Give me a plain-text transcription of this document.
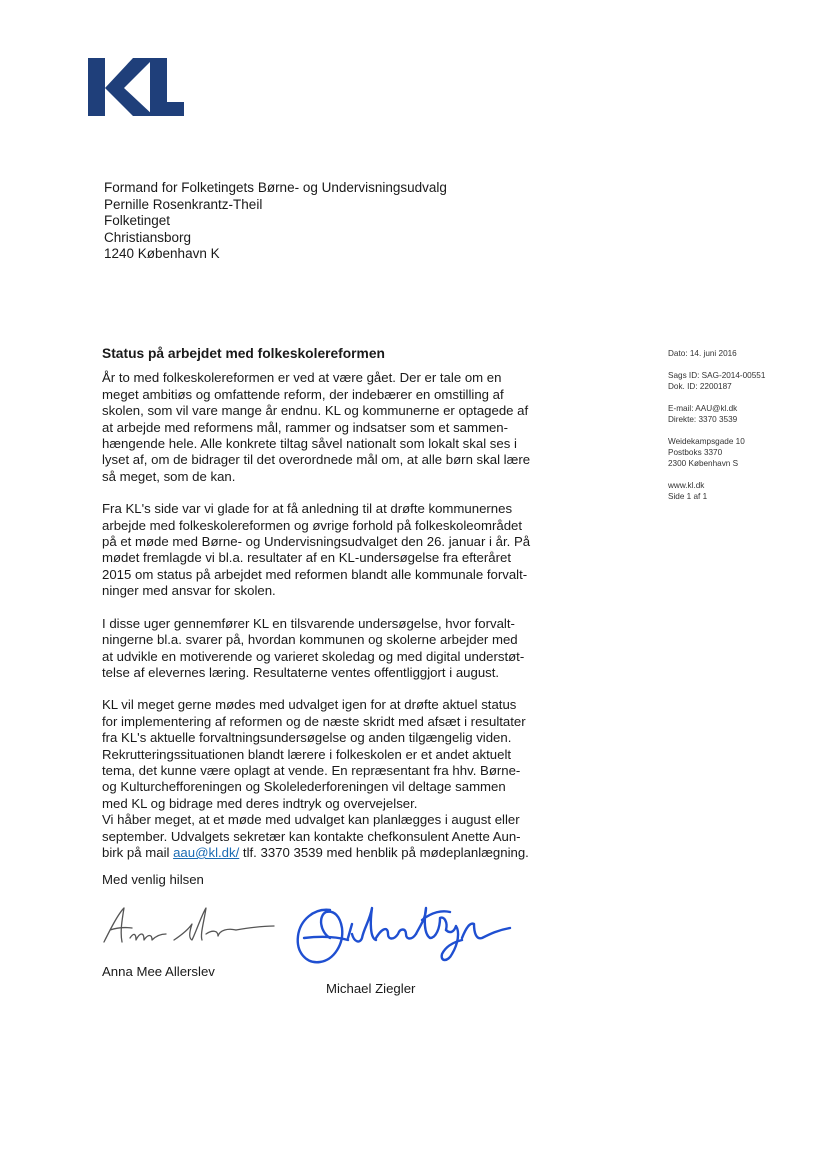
Formand for Folketingets Børne- og Undervisningsudvalg
Pernille Rosenkrantz-Theil
Folketinget
Christiansborg
1240 København K
Dato: 14. juni 2016
Sags ID: SAG-2014-00551
Dok. ID: 2200187
E-mail: AAU@kl.dk
Direkte: 3370 3539
Weidekampsgade 10
Postboks 3370
2300 København S
www.kl.dk
Side 1 af 1
Status på arbejdet med folkeskolereformen
År to med folkeskolereformen er ved at være gået. Der er tale om en
meget ambitiøs og omfattende reform, der indebærer en omstilling af
skolen, som vil vare mange år endnu. KL og kommunerne er optagede af
at arbejde med reformens mål, rammer og indsatser som et sammen-
hængende hele. Alle konkrete tiltag såvel nationalt som lokalt skal ses i
lyset af, om de bidrager til det overordnede mål om, at alle børn skal lære
så meget, som de kan.
Fra KL's side var vi glade for at få anledning til at drøfte kommunernes
arbejde med folkeskolereformen og øvrige forhold på folkeskoleområdet
på et møde med Børne- og Undervisningsudvalget den 26. januar i år. På
mødet fremlagde vi bl.a. resultater af en KL-undersøgelse fra efteråret
2015 om status på arbejdet med reformen blandt alle kommunale forvalt-
ninger med ansvar for skolen.
I disse uger gennemfører KL en tilsvarende undersøgelse, hvor forvalt-
ningerne bl.a. svarer på, hvordan kommunen og skolerne arbejder med
at udvikle en motiverende og varieret skoledag og med digital understøt-
telse af elevernes læring. Resultaterne ventes offentliggjort i august.
KL vil meget gerne mødes med udvalget igen for at drøfte aktuel status
for implementering af reformen og de næste skridt med afsæt i resultater
fra KL's aktuelle forvaltningsundersøgelse og anden tilgængelig viden.
Rekrutteringssituationen blandt lærere i folkeskolen er et andet aktuelt
tema, det kunne være oplagt at vende. En repræsentant fra hhv. Børne-
og Kulturchefforeningen og Skolelederforeningen vil deltage sammen
med KL og bidrage med deres indtryk og overvejelser.
Vi håber meget, at et møde med udvalget kan planlægges i august eller
september. Udvalgets sekretær kan kontakte chefkonsulent Anette Aun-
birk på mail aau@kl.dk/ tlf. 3370 3539 med henblik på mødeplanlægning.
Med venlig hilsen
Anna Mee Allerslev
Michael Ziegler
